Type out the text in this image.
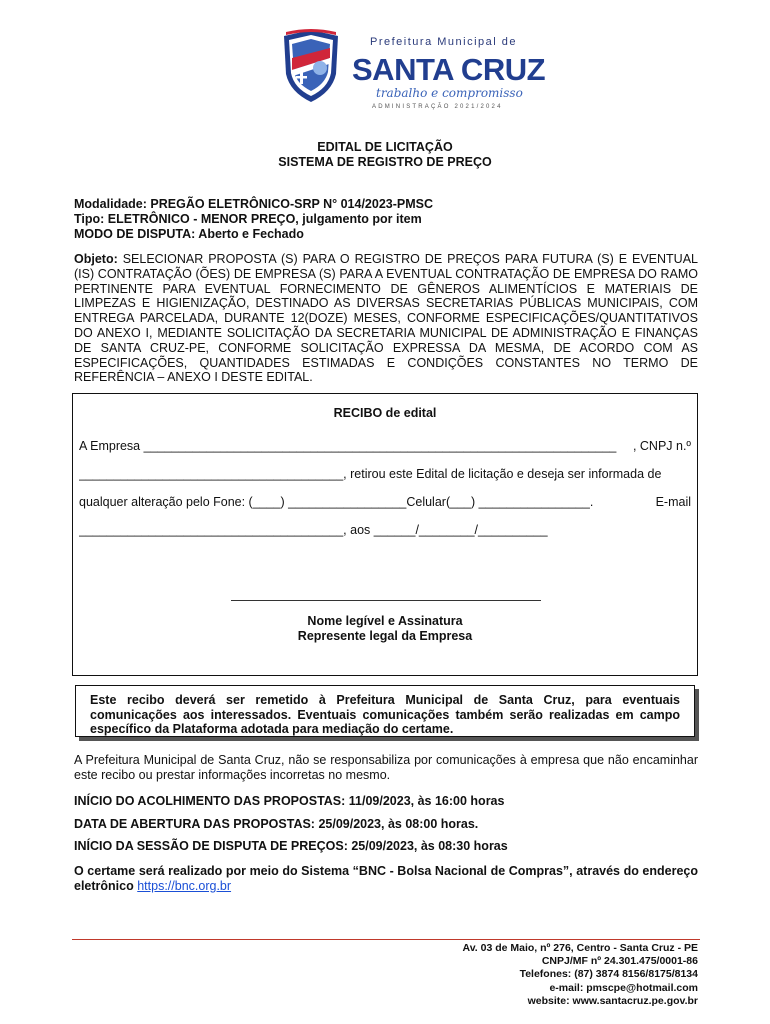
Prefeitura Municipal de
SANTA CRUZ
trabalho e compromisso
ADMINISTRAÇÃO 2021/2024
EDITAL DE LICITAÇÃO
SISTEMA DE REGISTRO DE PREÇO
Modalidade: PREGÃO ELETRÔNICO-SRP N° 014/2023-PMSC
Tipo: ELETRÔNICO - MENOR PREÇO, julgamento por item
MODO DE DISPUTA: Aberto e Fechado
Objeto: SELECIONAR PROPOSTA (S) PARA O REGISTRO DE PREÇOS PARA FUTURA (S) E EVENTUAL (IS) CONTRATAÇÃO (ÕES) DE EMPRESA (S) PARA A EVENTUAL CONTRATAÇÃO DE EMPRESA DO RAMO PERTINENTE PARA EVENTUAL FORNECIMENTO DE GÊNEROS ALIMENTÍCIOS E MATERIAIS DE LIMPEZAS E HIGIENIZAÇÃO, DESTINADO AS DIVERSAS SECRETARIAS PÚBLICAS MUNICIPAIS, COM ENTREGA PARCELADA, DURANTE 12(DOZE) MESES, CONFORME ESPECIFICAÇÕES/QUANTITATIVOS DO ANEXO I, MEDIANTE SOLICITAÇÃO DA SECRETARIA MUNICIPAL DE ADMINISTRAÇÃO E FINANÇAS DE SANTA CRUZ-PE, CONFORME SOLICITAÇÃO EXPRESSA DA MESMA, DE ACORDO COM AS ESPECIFICAÇÕES, QUANTIDADES ESTIMADAS E CONDIÇÕES CONSTANTES NO TERMO DE REFERÊNCIA – ANEXO I DESTE EDITAL.
RECIBO de edital
A Empresa ____________________________________________________________________ , CNPJ n.º
______________________________________, retirou este Edital de licitação e deseja ser informada de
qualquer alteração pelo Fone: (____) _________________Celular(___) ________________.	E-mail
______________________________________, aos ______/________/__________
Nome legível e Assinatura
Represente legal da Empresa
Este recibo deverá ser remetido à Prefeitura Municipal de Santa Cruz, para eventuais comunicações aos interessados. Eventuais comunicações também serão realizadas em campo específico da Plataforma adotada para mediação do certame.
A Prefeitura Municipal de Santa Cruz, não se responsabiliza por comunicações à empresa que não encaminhar este recibo ou prestar informações incorretas no mesmo.
INÍCIO DO ACOLHIMENTO DAS PROPOSTAS: 11/09/2023, às 16:00 horas
DATA DE ABERTURA DAS PROPOSTAS: 25/09/2023, às 08:00 horas.
INÍCIO DA SESSÃO DE DISPUTA DE PREÇOS: 25/09/2023, às 08:30 horas
O certame será realizado por meio do Sistema “BNC - Bolsa Nacional de Compras”, através do endereço eletrônico https://bnc.org.br
Av. 03 de Maio, nº 276, Centro - Santa Cruz - PE
CNPJ/MF nº 24.301.475/0001-86
Telefones: (87) 3874 8156/8175/8134
e-mail: pmscpe@hotmail.com
website: www.santacruz.pe.gov.br
